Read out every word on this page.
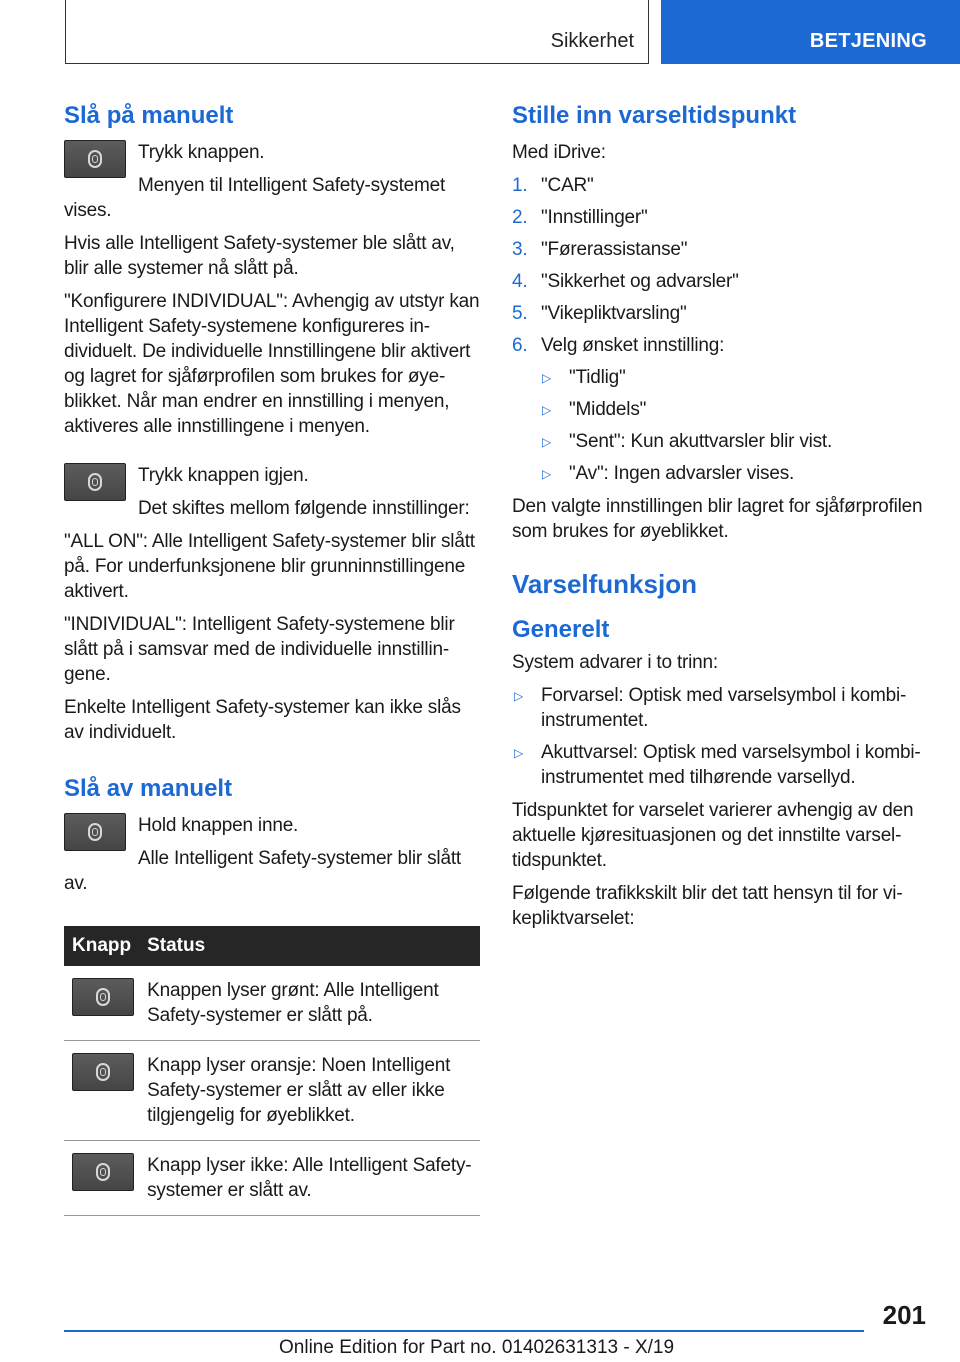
Sikkerhet	BETJENING
Slå på manuelt

Trykk knappen.

Menyen til Intelligent Safety-systemet vises.

Hvis alle Intelligent Safety-systemer ble slått av, blir alle systemer nå slått på.

"Konfigurere INDIVIDUAL": Avhengig av utstyr kan Intelligent Safety-systemene konfigureres individuelt. De individuelle Innstillingene blir aktivert og lagret for sjåførprofilen som brukes for øyeblikket. Når man endrer en innstilling i menyen, aktiveres alle innstillingene i menyen.

Trykk knappen igjen.

Det skiftes mellom følgende innstillinger:

"ALL ON": Alle Intelligent Safety-systemer blir slått på. For underfunksjonene blir grunninnstillingene aktivert.

"INDIVIDUAL": Intelligent Safety-systemene blir slått på i samsvar med de individuelle innstillingene.

Enkelte Intelligent Safety-systemer kan ikke slås av individuelt.

Slå av manuelt

Hold knappen inne.

Alle Intelligent Safety-systemer blir slått av.

Knapp	Status

	Knappen lyser grønt: Alle Intelligent Safety-systemer er slått på.

	Knapp lyser oransje: Noen Intelligent Safety-systemer er slått av eller ikke tilgjengelig for øyeblikket.

	Knapp lyser ikke: Alle Intelligent Safety-systemer er slått av.
Stille inn varseltidspunkt

Med iDrive:

1. "CAR"
2. "Innstillinger"
3. "Førerassistanse"
4. "Sikkerhet og advarsler"
5. "Vikepliktvarsling"
6. Velg ønsket innstilling:
▷ "Tidlig"
▷ "Middels"
▷ "Sent": Kun akuttvarsler blir vist.
▷ "Av": Ingen advarsler vises.

Den valgte innstillingen blir lagret for sjåførprofilen som brukes for øyeblikket.

Varselfunksjon
Generelt

System advarer i to trinn:

▷ Forvarsel: Optisk med varselsymbol i kombiinstrumentet.
▷ Akuttvarsel: Optisk med varselsymbol i kombi-instrumentet med tilhørende varsellyd.

Tidspunktet for varselet varierer avhengig av den aktuelle kjøresituasjonen og det innstilte varseltidspunktet.

Følgende trafikkskilt blir det tatt hensyn til for vikepliktvarselet:

201
Online Edition for Part no. 01402631313 - X/19
